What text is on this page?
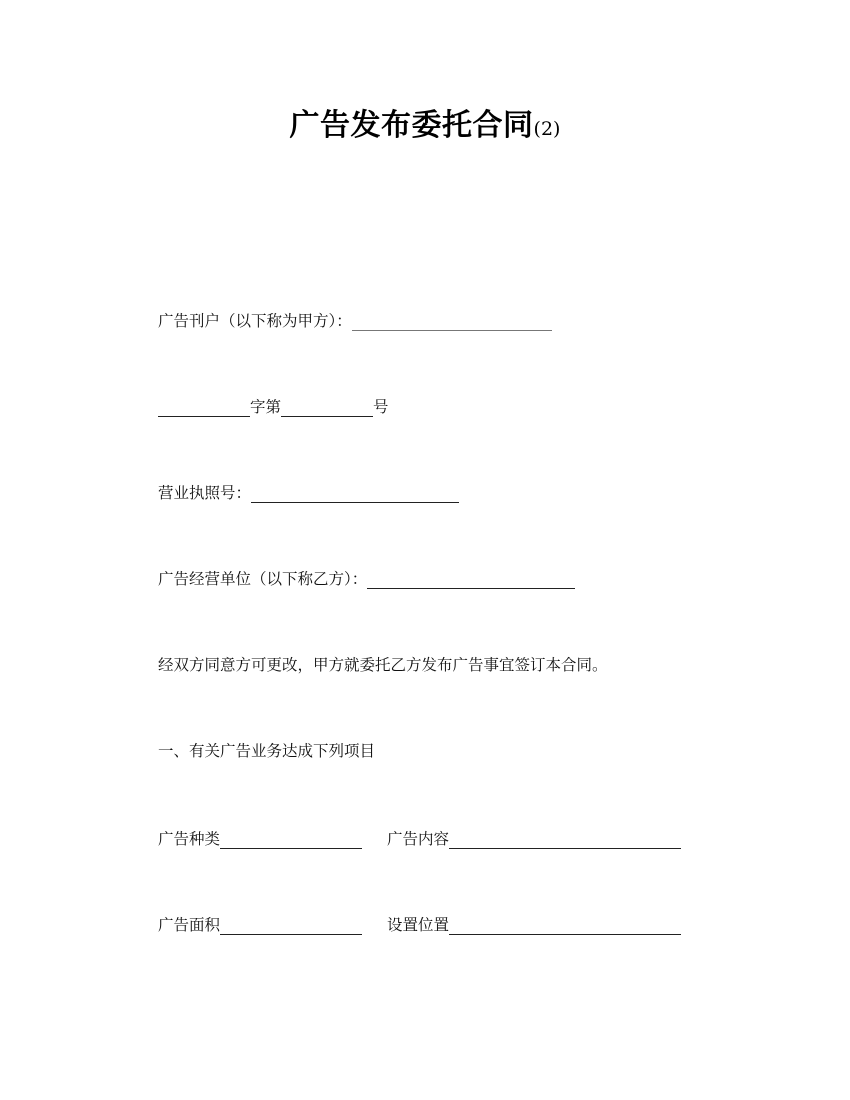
广告发布委托合同(2)
广告刊户（以下称为甲方）：
字第	号
营业执照号：
广告经营单位（以下称乙方）：
经双方同意方可更改，甲方就委托乙方发布广告事宜签订本合同。
一、有关广告业务达成下列项目
广告种类	广告内容
广告面积	设置位置
